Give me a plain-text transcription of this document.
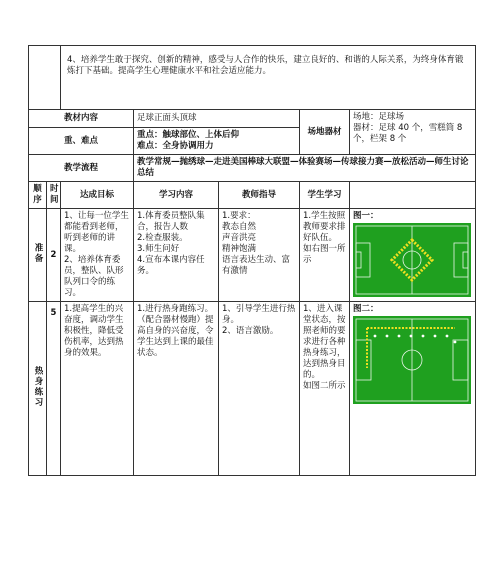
		4、培养学生敢于探究、创新的精神，感受与人合作的快乐，建立良好的、和谐的人际关系，为终身体育锻炼打下基础。提高学生心理健康水平和社会适应能力。				
教材内容			足球正面头顶球		场地器材	场地：足球场
器材：足球 40 个，雪糕筒 8 个，栏架 8 个

重、难点			重点：触球部位、上体后仰
难点：全身协调用力			

教学流程			教学常规—抛绣球—走进美国棒球大联盟—体验赛场—传球接力赛—放松活动—师生讨论总结			
顺序	时间	达成目标	学习内容	教师指导	学生学习	
准备	2	1、让每一位学生都能看到老师，听到老师的讲课。
2、培养体育委员，整队、队形队列口令的练习。	1.体育委员整队集合，报告人数
2.检查服装。
3.师生问好
4.宣布本课内容任务。	1.要求：
教态自然
声音洪亮
精神饱满
语言表达生动、富有激情	1.学生按照教师要求排好队伍。
如右图一所示	图一：

热身练习	5	1.提高学生的兴奋度，调动学生积极性，降低受伤机率，达到热身的效果。	1.进行热身跑练习。（配合器材慢跑）提高自身的兴奋度，令学生达到上课的最佳状态。	1、引导学生进行热身。
2、语言激励。	1、进入课堂状态，按照老师的要求进行各种热身练习，达到热身目的。
如图二所示	图二：
